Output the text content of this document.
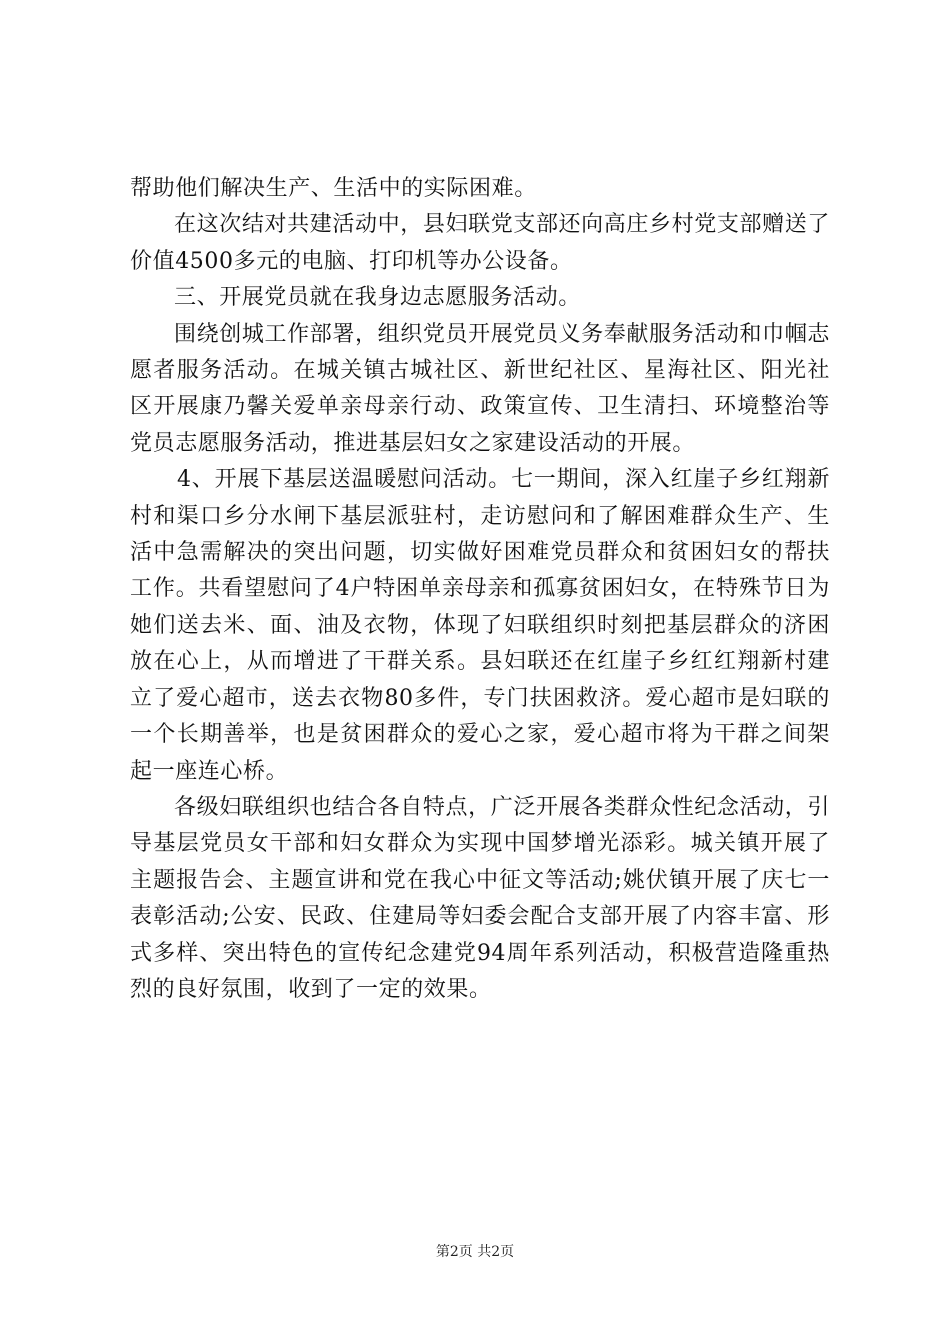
帮助他们解决生产、生活中的实际困难。

在这次结对共建活动中，县妇联党支部还向高庄乡村党支部赠送了价值4500多元的电脑、打印机等办公设备。

三、开展党员就在我身边志愿服务活动。

围绕创城工作部署，组织党员开展党员义务奉献服务活动和巾帼志愿者服务活动。在城关镇古城社区、新世纪社区、星海社区、阳光社区开展康乃馨关爱单亲母亲行动、政策宣传、卫生清扫、环境整治等党员志愿服务活动，推进基层妇女之家建设活动的开展。

4、开展下基层送温暖慰问活动。七一期间，深入红崖子乡红翔新村和渠口乡分水闸下基层派驻村，走访慰问和了解困难群众生产、生活中急需解决的突出问题，切实做好困难党员群众和贫困妇女的帮扶工作。共看望慰问了4户特困单亲母亲和孤寡贫困妇女，在特殊节日为她们送去米、面、油及衣物，体现了妇联组织时刻把基层群众的济困放在心上，从而增进了干群关系。县妇联还在红崖子乡红红翔新村建立了爱心超市，送去衣物80多件，专门扶困救济。爱心超市是妇联的一个长期善举，也是贫困群众的爱心之家，爱心超市将为干群之间架起一座连心桥。

各级妇联组织也结合各自特点，广泛开展各类群众性纪念活动，引导基层党员女干部和妇女群众为实现中国梦增光添彩。城关镇开展了主题报告会、主题宣讲和党在我心中征文等活动;姚伏镇开展了庆七一表彰活动;公安、民政、住建局等妇委会配合支部开展了内容丰富、形式多样、突出特色的宣传纪念建党94周年系列活动，积极营造隆重热烈的良好氛围，收到了一定的效果。

第2页 共2页
